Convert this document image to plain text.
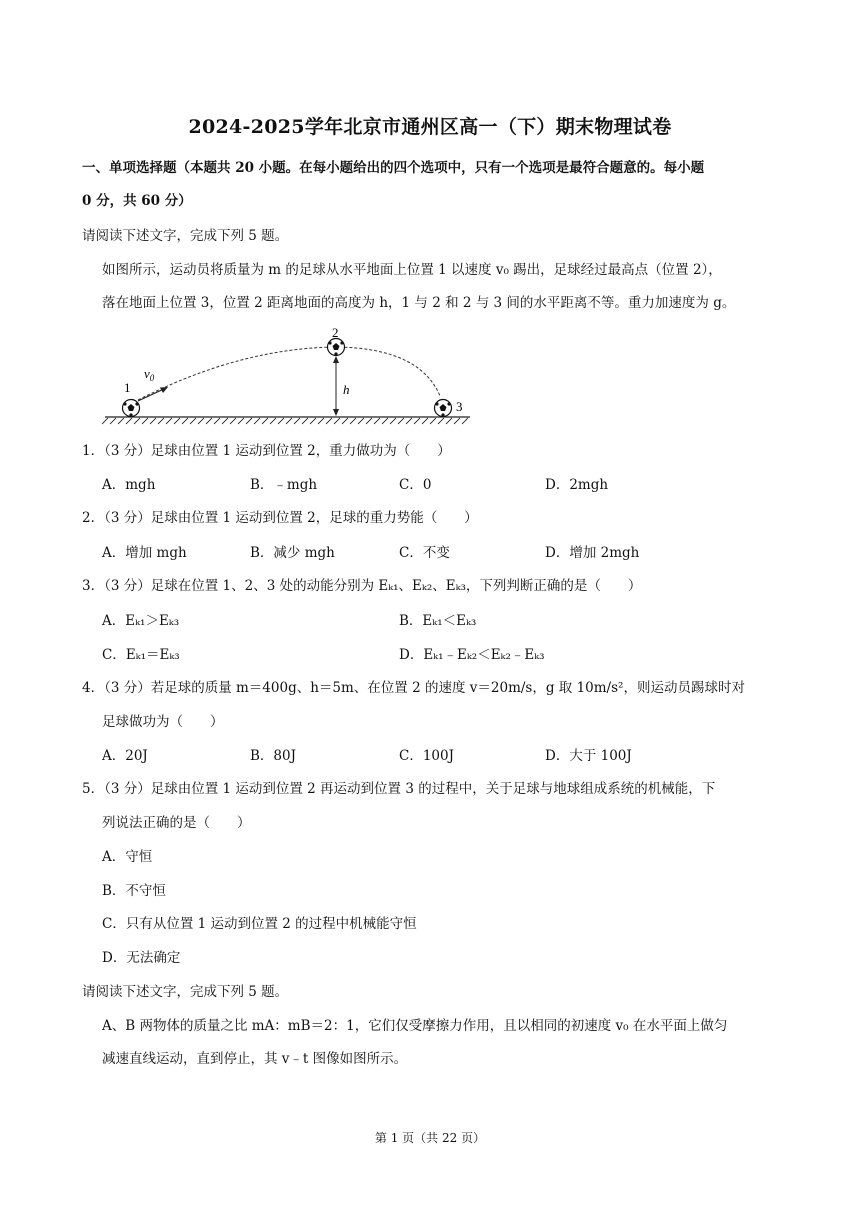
2024-2025学年北京市通州区高一（下）期末物理试卷
一、单项选择题（本题共 20 小题。在每小题给出的四个选项中，只有一个选项是最符合题意的。每小题
0 分，共 60 分）
请阅读下述文字，完成下列 5 题。
如图所示，运动员将质量为 m 的足球从水平地面上位置 1 以速度 v₀ 踢出，足球经过最高点（位置 2），
落在地面上位置 3，位置 2 距离地面的高度为 h，1 与 2 和 2 与 3 间的水平距离不等。重力加速度为 g。
1
2
3
$v_0$
h
1．（3 分）足球由位置 1 运动到位置 2，重力做功为（　　）
A．mgh	B．﹣mgh	C．0	D．2mgh
2．（3 分）足球由位置 1 运动到位置 2，足球的重力势能（　　）
A．增加 mgh	B．减少 mgh	C．不变	D．增加 2mgh
3．（3 分）足球在位置 1、2、3 处的动能分别为 Eₖ₁、Eₖ₂、Eₖ₃，下列判断正确的是（　　）
A．Eₖ₁＞Eₖ₃	B．Eₖ₁＜Eₖ₃
C．Eₖ₁＝Eₖ₃	D．Eₖ₁﹣Eₖ₂＜Eₖ₂﹣Eₖ₃
4．（3 分）若足球的质量 m＝400g、h＝5m、在位置 2 的速度 v＝20m/s，g 取 10m/s²，则运动员踢球时对
足球做功为（　　）
A．20J	B．80J	C．100J	D．大于 100J
5．（3 分）足球由位置 1 运动到位置 2 再运动到位置 3 的过程中，关于足球与地球组成系统的机械能，下
列说法正确的是（　　）
A．守恒
B．不守恒
C．只有从位置 1 运动到位置 2 的过程中机械能守恒
D．无法确定
请阅读下述文字，完成下列 5 题。
A、B 两物体的质量之比 mA：mB＝2：1，它们仅受摩擦力作用，且以相同的初速度 v₀ 在水平面上做匀
减速直线运动，直到停止，其 v﹣t 图像如图所示。
第 1 页（共 22 页）
